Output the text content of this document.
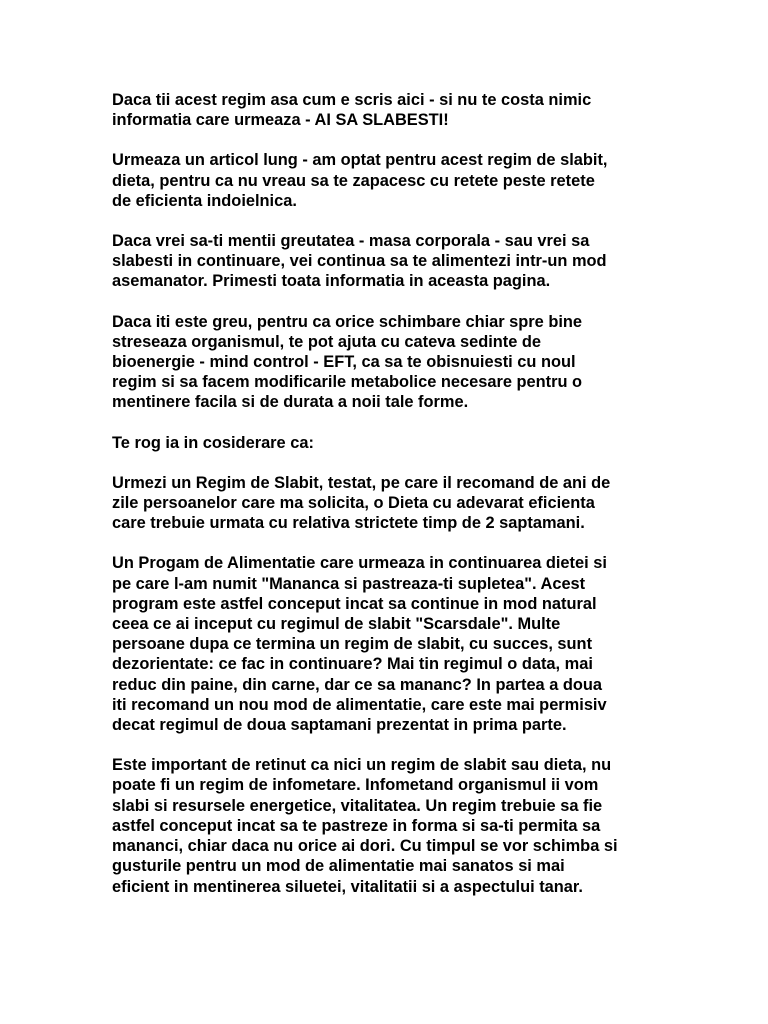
Daca tii acest regim asa cum e scris aici - si nu te costa nimic
informatia care urmeaza - AI SA SLABESTI!

Urmeaza un articol lung - am optat pentru acest regim de slabit,
dieta, pentru ca nu vreau sa te zapacesc cu retete peste retete
de eficienta indoielnica.

Daca vrei sa-ti mentii greutatea - masa corporala - sau vrei sa
slabesti in continuare, vei continua sa te alimentezi intr-un mod
asemanator. Primesti toata informatia in aceasta pagina.

Daca iti este greu, pentru ca orice schimbare chiar spre bine
streseaza organismul, te pot ajuta cu cateva sedinte de
bioenergie - mind control - EFT, ca sa te obisnuiesti cu noul
regim si sa facem modificarile metabolice necesare pentru o
mentinere facila si de durata a noii tale forme.

Te rog ia in cosiderare ca:

Urmezi un Regim de Slabit, testat, pe care il recomand de ani de
zile persoanelor care ma solicita, o Dieta cu adevarat eficienta
care trebuie urmata cu relativa strictete timp de 2 saptamani.

Un Progam de Alimentatie care urmeaza in continuarea dietei si
pe care l-am numit "Mananca si pastreaza-ti supletea". Acest
program este astfel conceput incat sa continue in mod natural
ceea ce ai inceput cu regimul de slabit "Scarsdale". Multe
persoane dupa ce termina un regim de slabit, cu succes, sunt
dezorientate: ce fac in continuare? Mai tin regimul o data, mai
reduc din paine, din carne, dar ce sa mananc? In partea a doua
iti recomand un nou mod de alimentatie, care este mai permisiv
decat regimul de doua saptamani prezentat in prima parte.

Este important de retinut ca nici un regim de slabit sau dieta, nu
poate fi un regim de infometare. Infometand organismul ii vom
slabi si resursele energetice, vitalitatea. Un regim trebuie sa fie
astfel conceput incat sa te pastreze in forma si sa-ti permita sa
mananci, chiar daca nu orice ai dori. Cu timpul se vor schimba si
gusturile pentru un mod de alimentatie mai sanatos si mai
eficient in mentinerea siluetei, vitalitatii si a aspectului tanar.
